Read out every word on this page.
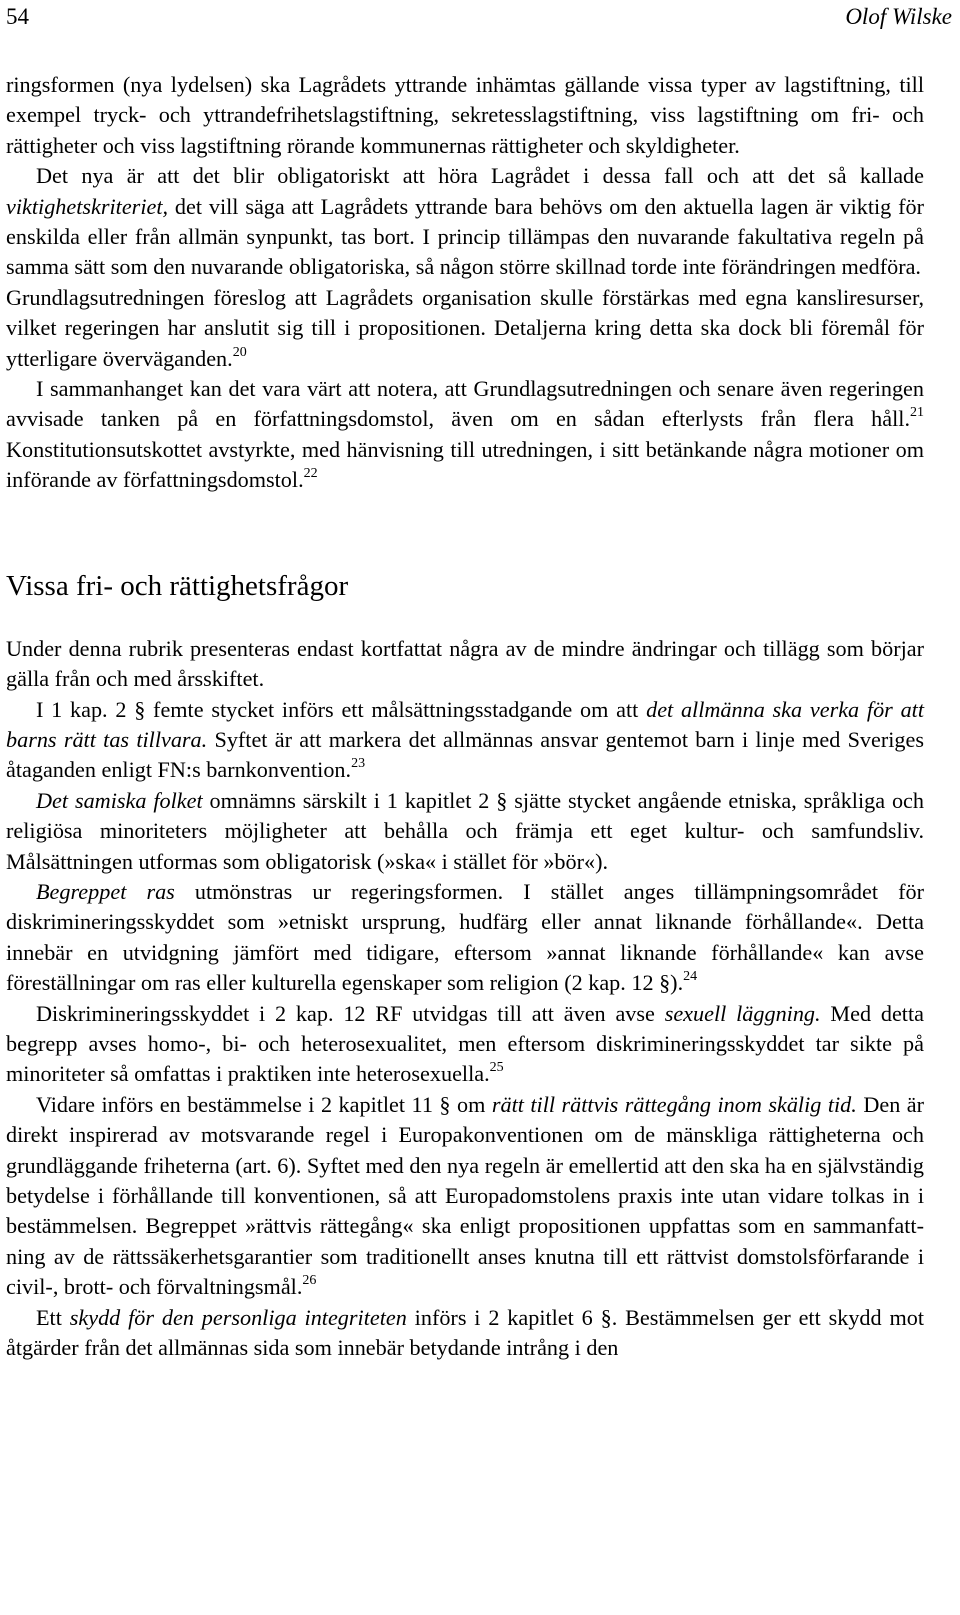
54	Olof Wilske

ringsformen (nya lydelsen) ska Lagrådets yttrande inhämtas gällande vissa typer av lagstiftning, till exempel tryck- och yttrandefrihetslagstiftning, sekretesslagstiftning, viss lagstiftning om fri- och rättigheter och viss lagstiftning rörande kommunernas rättigheter och skyldigheter.

Det nya är att det blir obligatoriskt att höra Lagrådet i dessa fall och att det så kallade viktighetskriteriet, det vill säga att Lagrådets yttrande bara behövs om den aktuella lagen är viktig för enskilda eller från allmän synpunkt, tas bort. I princip tillämpas den nuvarande fakultativa regeln på samma sätt som den nuvarande obligatoriska, så någon större skillnad torde inte förändringen medföra.

Grundlagsutredningen föreslog att Lagrådets organisation skulle förstärkas med egna kansliresurser, vilket regeringen har anslutit sig till i propositionen. Detaljerna kring detta ska dock bli föremål för ytterligare överväganden.$^{20}$

I sammanhanget kan det vara värt att notera, att Grundlagsutredningen och senare även regeringen avvisade tanken på en författningsdomstol, även om en sådan efterlysts från flera håll.$^{21}$ Konstitutionsutskottet avstyrkte, med hänvisning till utredningen, i sitt betänkande några motioner om införande av författningsdomstol.$^{22}$

Vissa fri- och rättighetsfrågor

Under denna rubrik presenteras endast kortfattat några av de mindre ändringar och tillägg som börjar gälla från och med årsskiftet.

I 1 kap. 2 § femte stycket införs ett målsättningsstadgande om att det allmänna ska verka för att barns rätt tas tillvara. Syftet är att markera det allmännas ansvar gentemot barn i linje med Sveriges åtaganden enligt FN:s barnkonvention.$^{23}$

Det samiska folket omnämns särskilt i 1 kapitlet 2 § sjätte stycket angående etniska, språkliga och religiösa minoriteters möjligheter att behålla och främja ett eget kultur- och samfundsliv. Målsättningen utformas som obligatorisk (»ska« i stället för »bör«).

Begreppet ras utmönstras ur regeringsformen. I stället anges tillämpningsområdet för diskrimineringsskyddet som »etniskt ursprung, hudfärg eller annat liknande förhållande«. Detta innebär en utvidgning jämfört med tidigare, eftersom »annat liknande förhållande« kan avse föreställningar om ras eller kulturella egenskaper som religion (2 kap. 12 §).$^{24}$

Diskrimineringsskyddet i 2 kap. 12 RF utvidgas till att även avse sexuell läggning. Med detta begrepp avses homo-, bi- och heterosexualitet, men eftersom diskrimineringsskyddet tar sikte på minoriteter så omfattas i praktiken inte heterosexuella.$^{25}$

Vidare införs en bestämmelse i 2 kapitlet 11 § om rätt till rättvis rättegång inom skälig tid. Den är direkt inspirerad av motsvarande regel i Europakonventionen om de mänskliga rättigheterna och grundläggande friheterna (art. 6). Syftet med den nya regeln är emellertid att den ska ha en självständig betydelse i förhållande till konventionen, så att Europadomstolens praxis inte utan vidare tolkas in i bestämmelsen. Begreppet »rättvis rättegång« ska enligt propositionen uppfattas som en sammanfattning av de rättssäkerhetsgarantier som traditionellt anses knutna till ett rättvist domstolsförfarande i civil-, brott- och förvaltningsmål.$^{26}$

Ett skydd för den personliga integriteten införs i 2 kapitlet 6 §. Bestämmelsen ger ett skydd mot åtgärder från det allmännas sida som innebär betydande intrång i den
